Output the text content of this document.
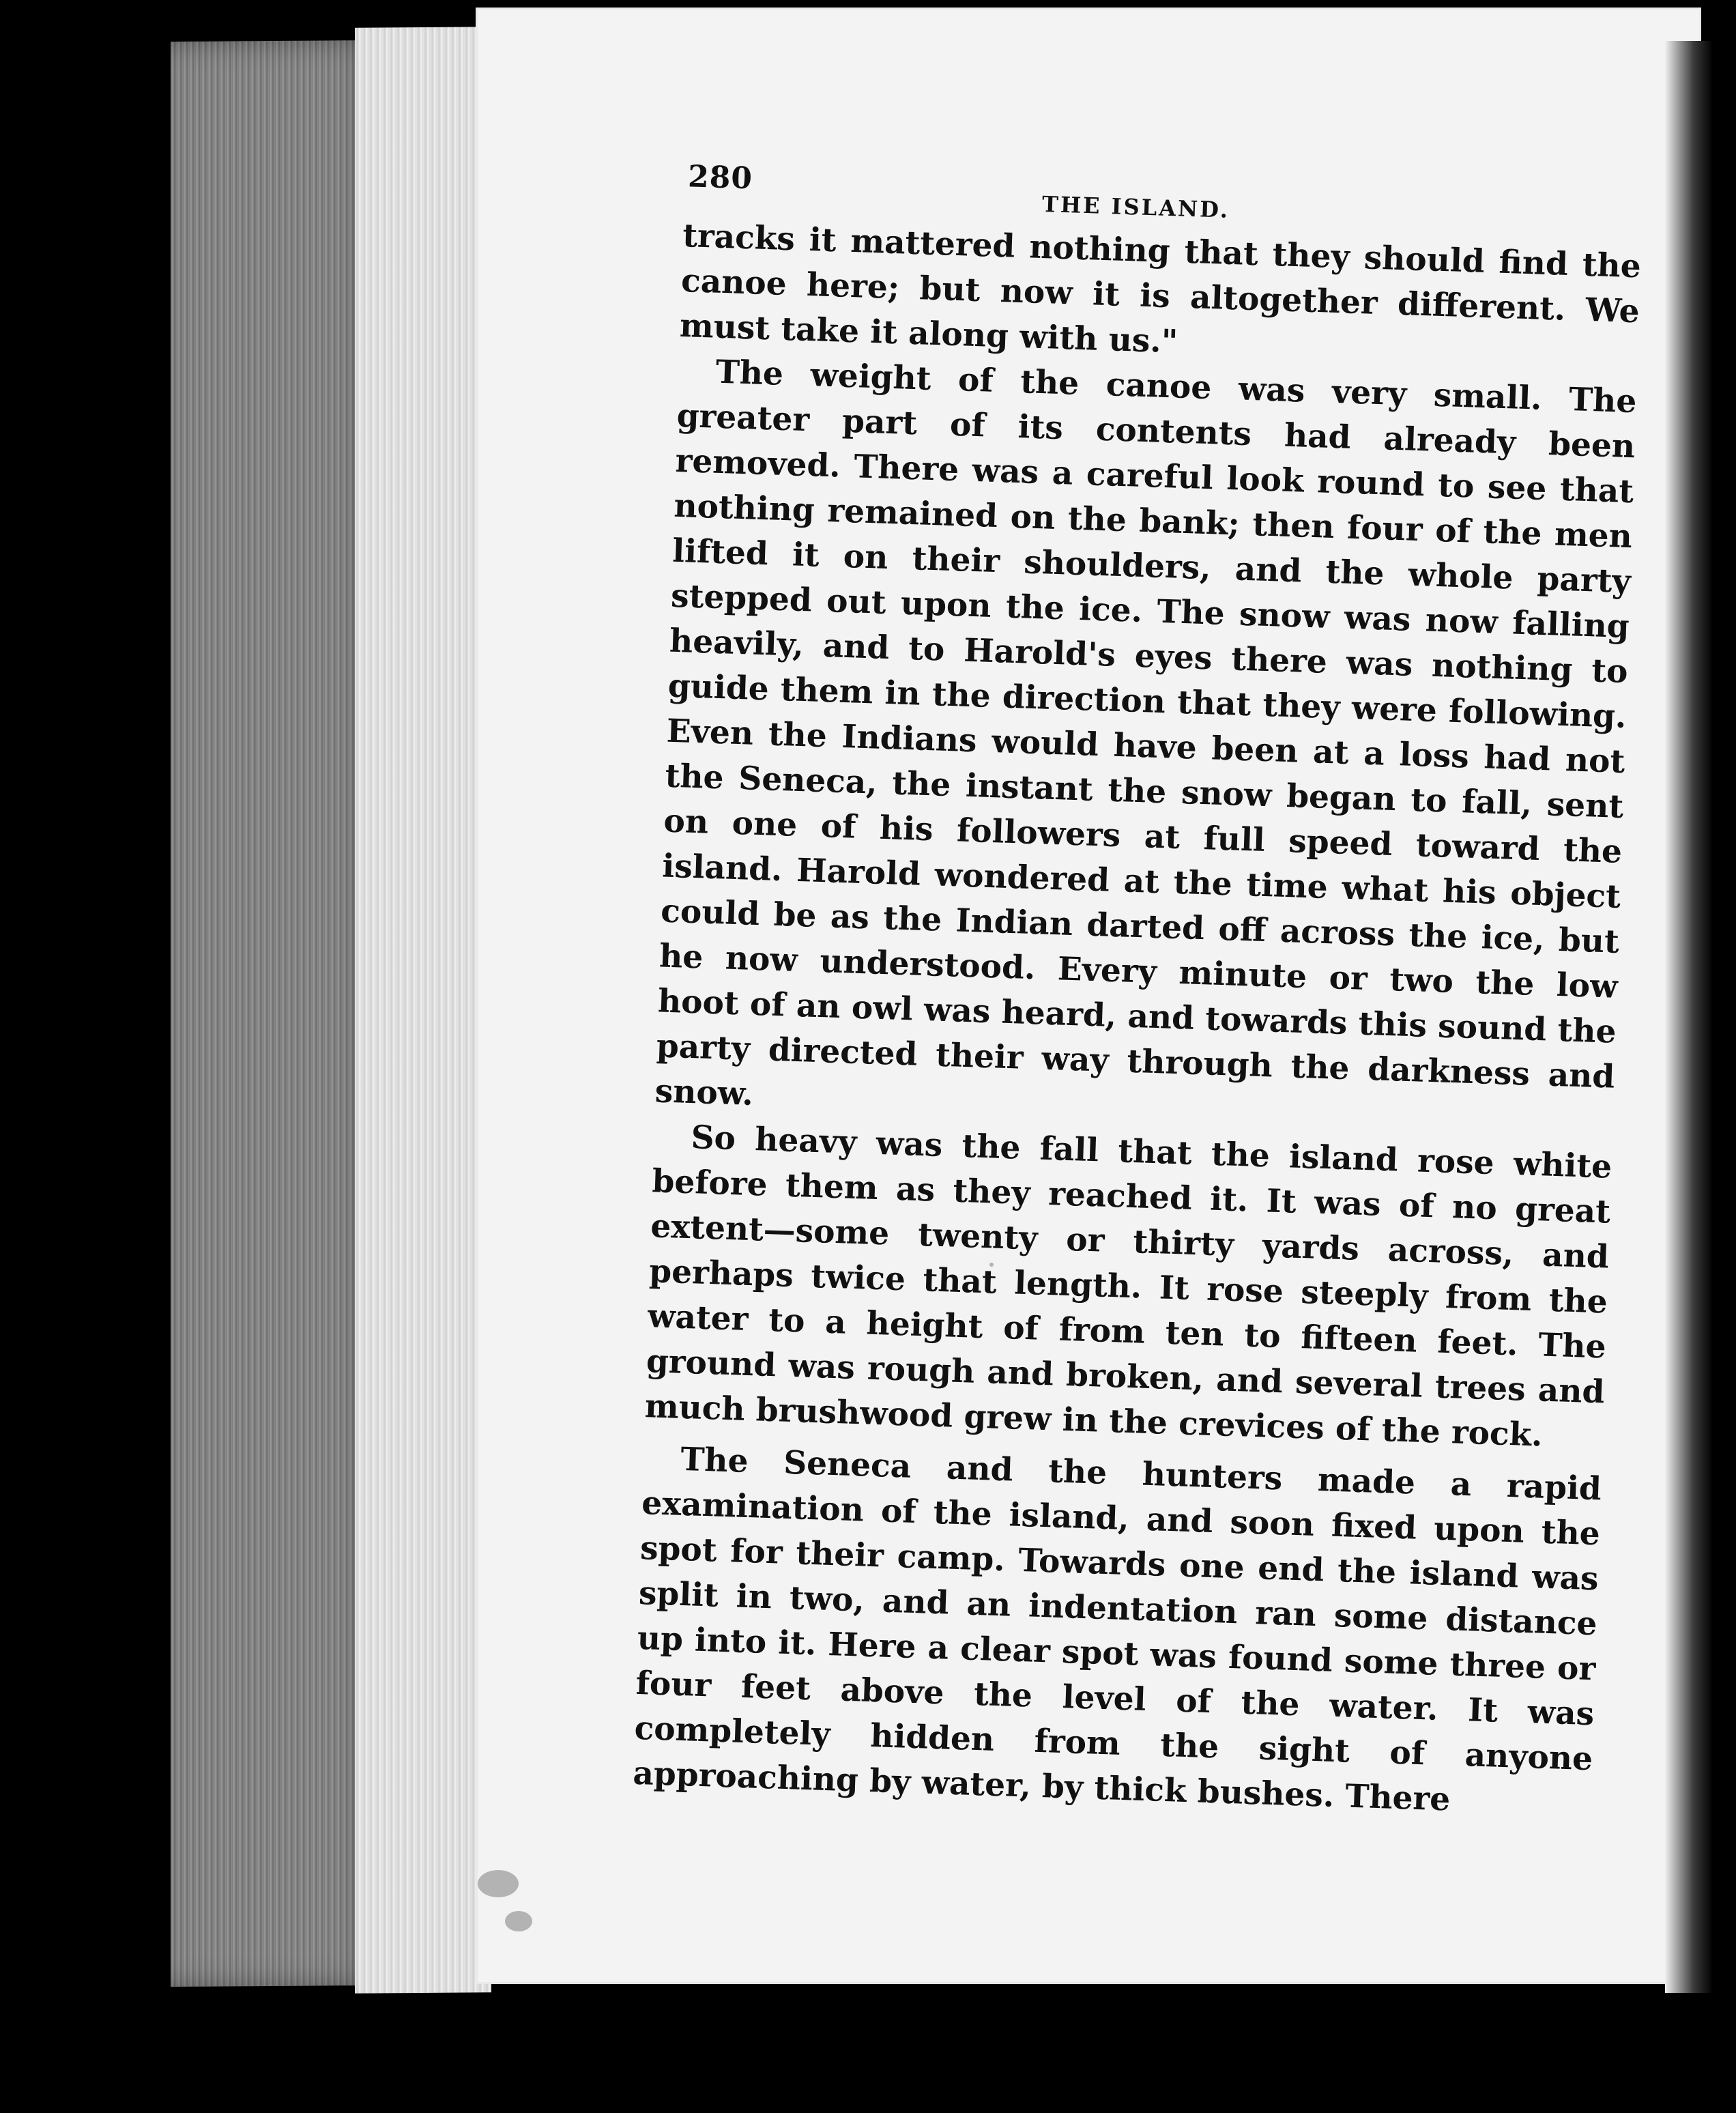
280
THE ISLAND.

tracks it mattered nothing that they should find the canoe here; but now it is altogether different. We must take it along with us."

The weight of the canoe was very small. The greater part of its contents had already been removed. There was a careful look round to see that nothing remained on the bank; then four of the men lifted it on their shoulders, and the whole party stepped out upon the ice. The snow was now falling heavily, and to Harold's eyes there was nothing to guide them in the direction that they were following. Even the Indians would have been at a loss had not the Seneca, the instant the snow began to fall, sent on one of his followers at full speed toward the island. Harold wondered at the time what his object could be as the Indian darted off across the ice, but he now understood. Every minute or two the low hoot of an owl was heard, and towards this sound the party directed their way through the darkness and snow.

So heavy was the fall that the island rose white before them as they reached it. It was of no great extent—some twenty or thirty yards across, and perhaps twice that length. It rose steeply from the water to a height of from ten to fifteen feet. The ground was rough and broken, and several trees and much brushwood grew in the crevices of the rock.

The Seneca and the hunters made a rapid examination of the island, and soon fixed upon the spot for their camp. Towards one end the island was split in two, and an indentation ran some distance up into it. Here a clear spot was found some three or four feet above the level of the water. It was completely hidden from the sight of anyone approaching by water, by thick bushes. There
